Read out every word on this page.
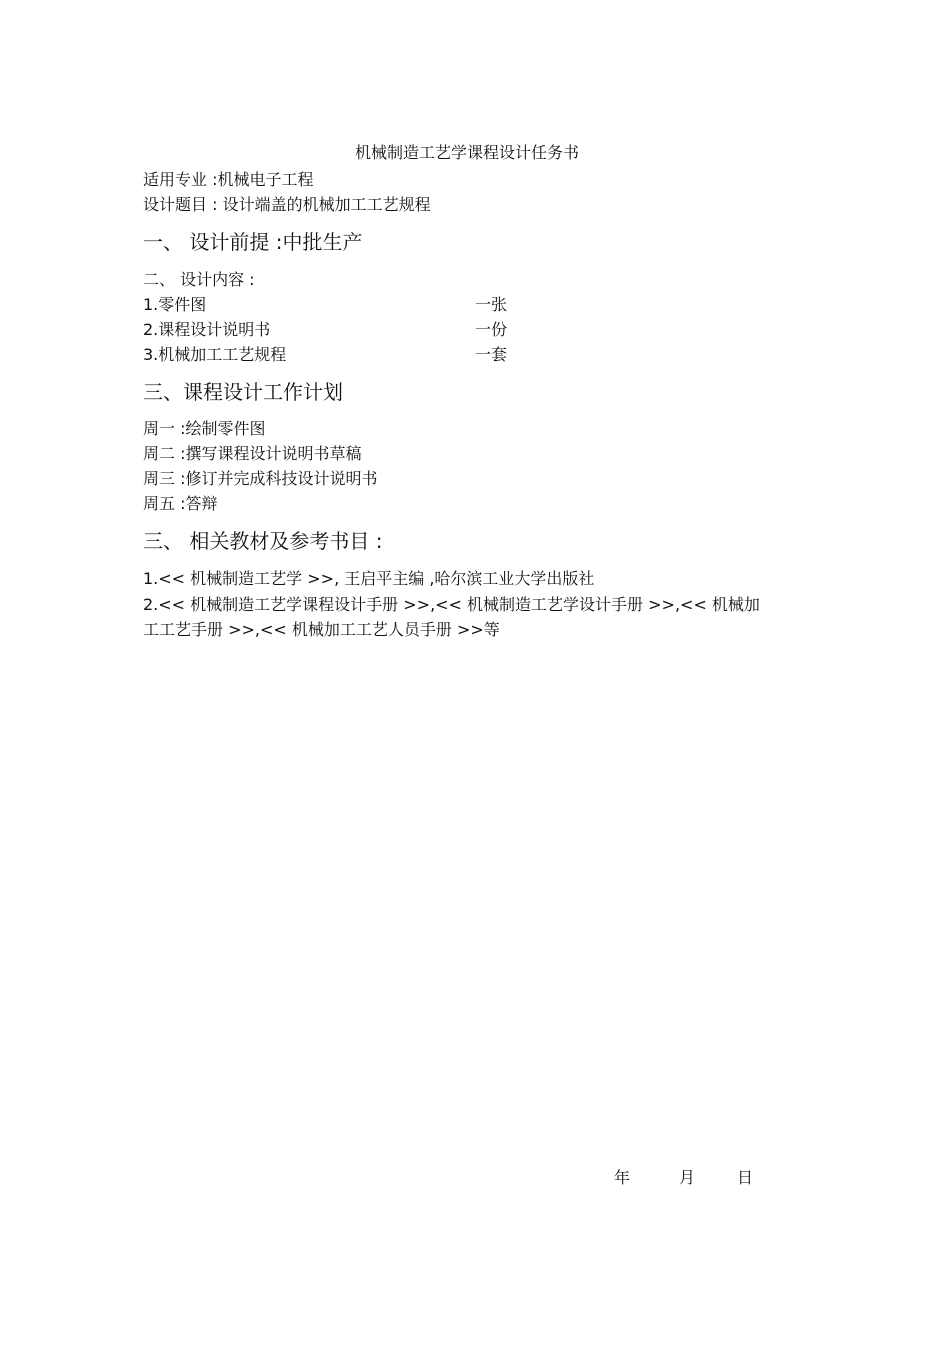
机械制造工艺学课程设计任务书
适用专业 :机械电子工程
设计题目 : 设计端盖的机械加工工艺规程
一、 设计前提 :中批生产
二、 设计内容 :
1.零件图	一张
2.课程设计说明书	一份
3.机械加工工艺规程	一套
三、课程设计工作计划
周一 :绘制零件图
周二 :撰写课程设计说明书草稿
周三 :修订并完成科技设计说明书
周五 :答辩
三、 相关教材及参考书目 :
1.<< 机械制造工艺学 >>, 王启平主编 ,哈尔滨工业大学出版社
2.<< 机械制造工艺学课程设计手册 >>,<< 机械制造工艺学设计手册 >>,<< 机械加
工工艺手册 >>,<< 机械加工工艺人员手册 >>等
年	月	日
